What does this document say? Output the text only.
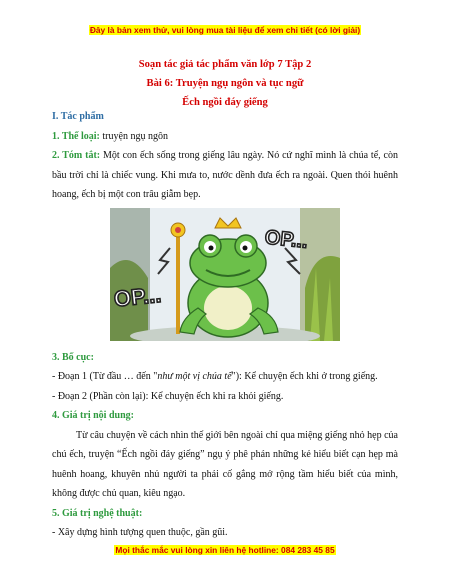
Đây là bản xem thử, vui lòng mua tài liệu để xem chi tiết (có lời giải)
Soạn tác giả tác phẩm văn lớp 7 Tập 2
Bài 6: Truyện ngụ ngôn và tục ngữ
Ếch ngồi đáy giếng

I. Tác phẩm

1. Thể loại: truyện ngụ ngôn

2. Tóm tắt: Một con ếch sống trong giếng lâu ngày. Nó cứ nghĩ mình là chúa tể, còn bầu trời chỉ là chiếc vung. Khi mưa to, nước dềnh đưa ếch ra ngoài. Quen thói huênh hoang, ếch bị một con trâu giẫm bẹp.

OP...
OP...

3. Bố cục:

- Đoạn 1 (Từ đầu … đến "như một vị chúa tể"): Kể chuyện ếch khi ở trong giếng.

- Đoạn 2 (Phần còn lại): Kể chuyện ếch khi ra khỏi giếng.

4. Giá trị nội dung:

Từ câu chuyện về cách nhìn thế giới bên ngoài chỉ qua miệng giếng nhỏ hẹp của chú ếch, truyện “Ếch ngồi đáy giếng” ngụ ý phê phán những kẻ hiểu biết cạn hẹp mà huênh hoang, khuyên nhủ người ta phải cố gắng mở rộng tầm hiểu biết của mình, không được chủ quan, kiêu ngạo.

5. Giá trị nghệ thuật:

- Xây dựng hình tượng quen thuộc, gần gũi.

Mọi thắc mắc vui lòng xin liên hệ hotline: 084 283 45 85
